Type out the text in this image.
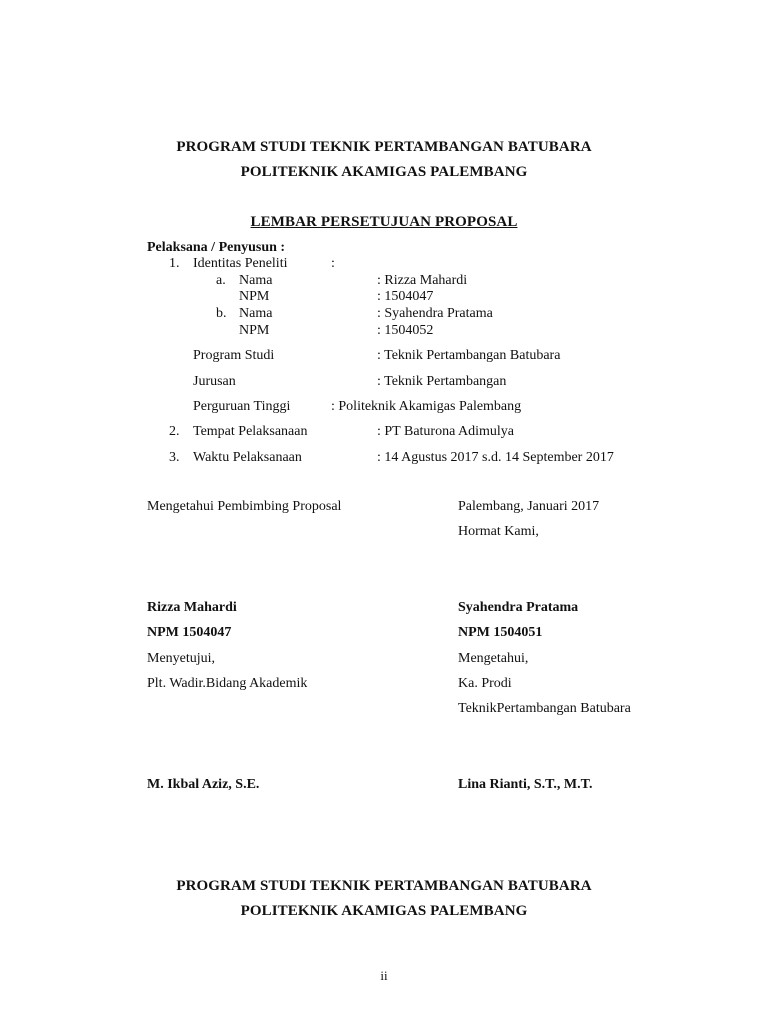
PROGRAM STUDI TEKNIK PERTAMBANGAN BATUBARA
POLITEKNIK AKAMIGAS PALEMBANG
LEMBAR PERSETUJUAN PROPOSAL
Pelaksana / Penyusun :
1. Identitas Peneliti	:
a. Nama	: Rizza Mahardi
NPM	: 1504047
b. Nama	: Syahendra Pratama
NPM	: 1504052
Program Studi	: Teknik Pertambangan Batubara
Jurusan	: Teknik Pertambangan
Perguruan Tinggi	: Politeknik Akamigas Palembang
2. Tempat Pelaksanaan	: PT Baturona Adimulya
3. Waktu Pelaksanaan	: 14 Agustus 2017 s.d. 14 September 2017
Mengetahui Pembimbing Proposal	Palembang, Januari 2017
Hormat Kami,
Rizza Mahardi	Syahendra Pratama
NPM 1504047	NPM 1504051
Menyetujui,	Mengetahui,
Plt. Wadir.Bidang Akademik	Ka. Prodi
TeknikPertambangan Batubara
M. Ikbal Aziz, S.E.	Lina Rianti, S.T., M.T.
PROGRAM STUDI TEKNIK PERTAMBANGAN BATUBARA
POLITEKNIK AKAMIGAS PALEMBANG
ii
